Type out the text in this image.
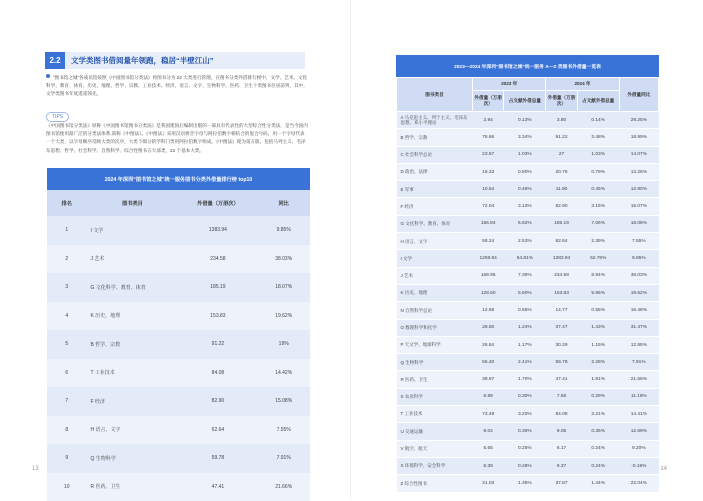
2.2	文学类图书借阅量年领跑，稳居“半壁江山”
“图书馆之城”各成员馆按照《中国图书馆分类法》将图书分为 22 大类进行管理。在图书分类外借排行榜中，文学、艺术、文化科学、教育、体育、历史、地理、哲学、宗教、工业技术、经济、语言、文字、生物科学、医药、卫生十类图书位居前列，其中，文学类图书年度遥遥领先。
TIPS
《中国图书馆分类法》原称《中国图书馆图书分类法》是我国建国后编制出版的一部具有代表性的大型综合性分类法，是当今国内图书馆使用最广泛的分类法体系,简称《中图法》。《中图法》采用汉语拼音字母与阿拉伯数字相结合的混合号码，用一个字母代表一个大类，以字母顺序反映大类的次序，大类下细分的学科门类用阿拉伯数字组成。《中图法》现为第五版，包括马列主义、毛泽东思想、哲学、社会科学、自然科学、综合性图书五大部类，22 个基本大类。
2024 年深圳“图书馆之城”统一服务图书分类外借量排行榜 top10
排名	图书类目	外借量（万册次）	同比
1	I 文学	1383.94	9.85%
2	J 艺术	234.58	38.03%
3	G 文化科学、教育、体育	185.19	18.07%
4	K 历史、地理	153.83	19.62%
5	B 哲学、宗教	91.22	19%
6	T 工业技术	84.08	14.42%
7	F 经济	82.90	15.08%
8	H 语言、文字	62.64	7.55%
9	Q 生物科学	59.78	7.91%
10	R 医药、卫生	47.41	21.66%
13
2023—2024 年深圳“图书馆之城”统一服务 A—Z 类图书外借量一览表
图书类目	2023 年		2024 年		外借量同比
	外借量（万册次）	占文献外借总量	外借量（万册次）	占文献外借总量	
A 马克思主义、列宁主义、毛泽东思想、邓小平理论	2.94	0.13%	3.80	0.14%	29.25%
B 哲学、宗教	76.66	3.34%	91.22	3.48%	18.99%
C 社会科学总论	23.67	1.03%	27	1.03%	14.07%
D 政治、法律	18.33	0.80%	20.76	0.79%	13.26%
E 军事	10.54	0.46%	11.90	0.45%	12.90%
F 经济	72.04	3.13%	82.90	3.16%	15.07%
G 文化科学、教育、体育	156.84	6.82%	185.19	7.06%	18.08%
H 语言、文字	58.24	2.53%	62.64	2.39%	7.55%
I 文学	1259.84	54.81%	1383.94	52.76%	9.85%
J 艺术	169.95	7.39%	234.58	8.94%	38.03%
K 历史、地理	128.60	5.60%	153.83	5.86%	19.62%
N 自然科学总论	12.68	0.55%	14.77	0.56%	16.48%
O 数理科学和化学	28.50	1.24%	37.47	1.43%	31.47%
P 天文学、地球科学	26.84	1.17%	30.29	1.15%	12.85%
Q 生物科学	55.40	2.41%	59.78	2.28%	7.91%
R 医药、卫生	38.97	1.70%	47.41	1.81%	21.66%
S 农业科学	6.89	0.30%	7.66	0.29%	11.18%
T 工业技术	73.49	3.20%	84.08	3.21%	14.41%
U 交通运输	8.04	0.35%	9.06	0.35%	12.69%
V 航空、航天	5.65	0.25%	6.17	0.24%	9.20%
X 环境科学、安全科学	6.39	0.28%	6.37	0.24%	-0.15%
Z 综合性图书	31.03	1.35%	37.87	1.44%	22.04%
14
